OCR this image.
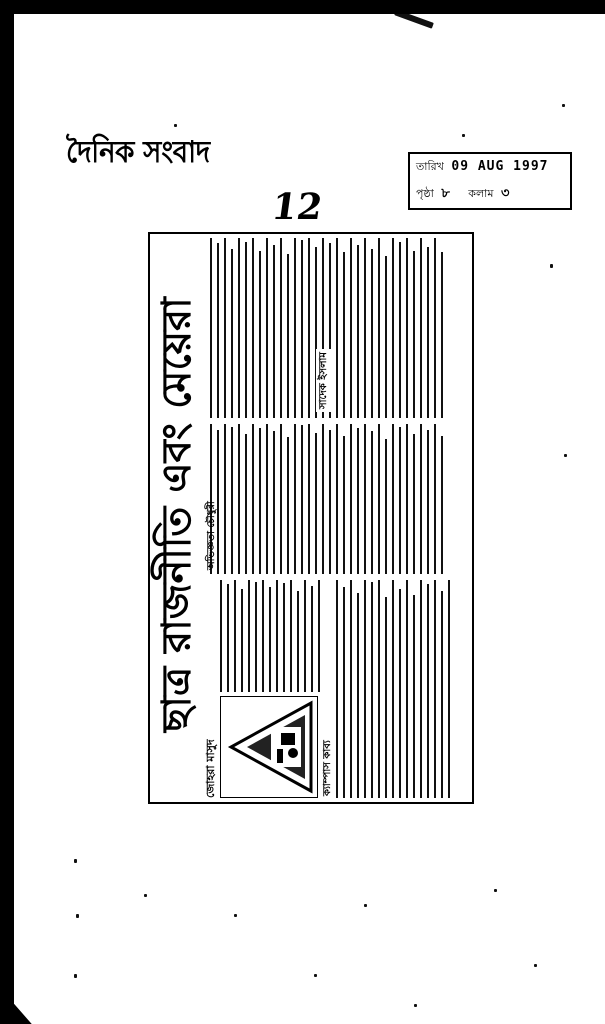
দৈনিক সংবাদ	তারিখ 09 AUG 1997
পৃষ্ঠা ৮ কলাম ৩
12
ছাত্র রাজনীতি এবং মেয়েরা
জোহরা মাসুদ	ক্যাম্পাস কাব্য
অভিজ্ঞতা চৌধুরী
সাদেক ইসলাম
